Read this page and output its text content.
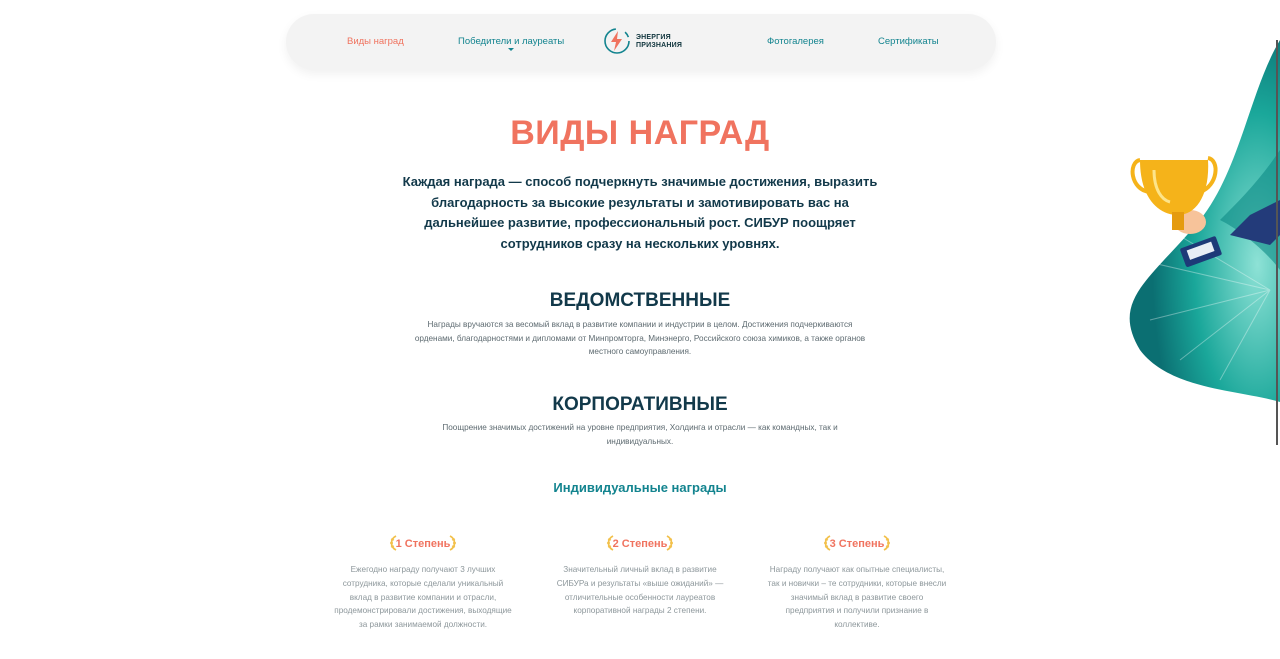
Виды наград	Победители и лауреаты	ЭНЕРГИЯ
ПРИЗНАНИЯ	Фотогалерея	Сертификаты
ВИДЫ НАГРАД
Каждая награда — способ подчеркнуть значимые достижения, выразить благодарность за высокие результаты и замотивировать вас на дальнейшее развитие, профессиональный рост. СИБУР поощряет сотрудников сразу на нескольких уровнях.
ВЕДОМСТВЕННЫЕ
Награды вручаются за весомый вклад в развитие компании и индустрии в целом. Достижения подчеркиваются орденами, благодарностями и дипломами от Минпромторга, Минэнерго, Российского союза химиков, а также органов местного самоуправления.
КОРПОРАТИВНЫЕ
Поощрение значимых достижений на уровне предприятия, Холдинга и отрасли — как командных, так и индивидуальных.
Индивидуальные награды
1 Степень	2 Степень	3 Степень
Ежегодно награду получают 3 лучших сотрудника, которые сделали уникальный вклад в развитие компании и отрасли, продемонстрировали достижения, выходящие за рамки занимаемой должности.
Значительный личный вклад в развитие СИБУРа и результаты «выше ожиданий» — отличительные особенности лауреатов корпоративной награды 2 степени.
Награду получают как опытные специалисты, так и новички – те сотрудники, которые внесли значимый вклад в развитие своего предприятия и получили признание в коллективе.
